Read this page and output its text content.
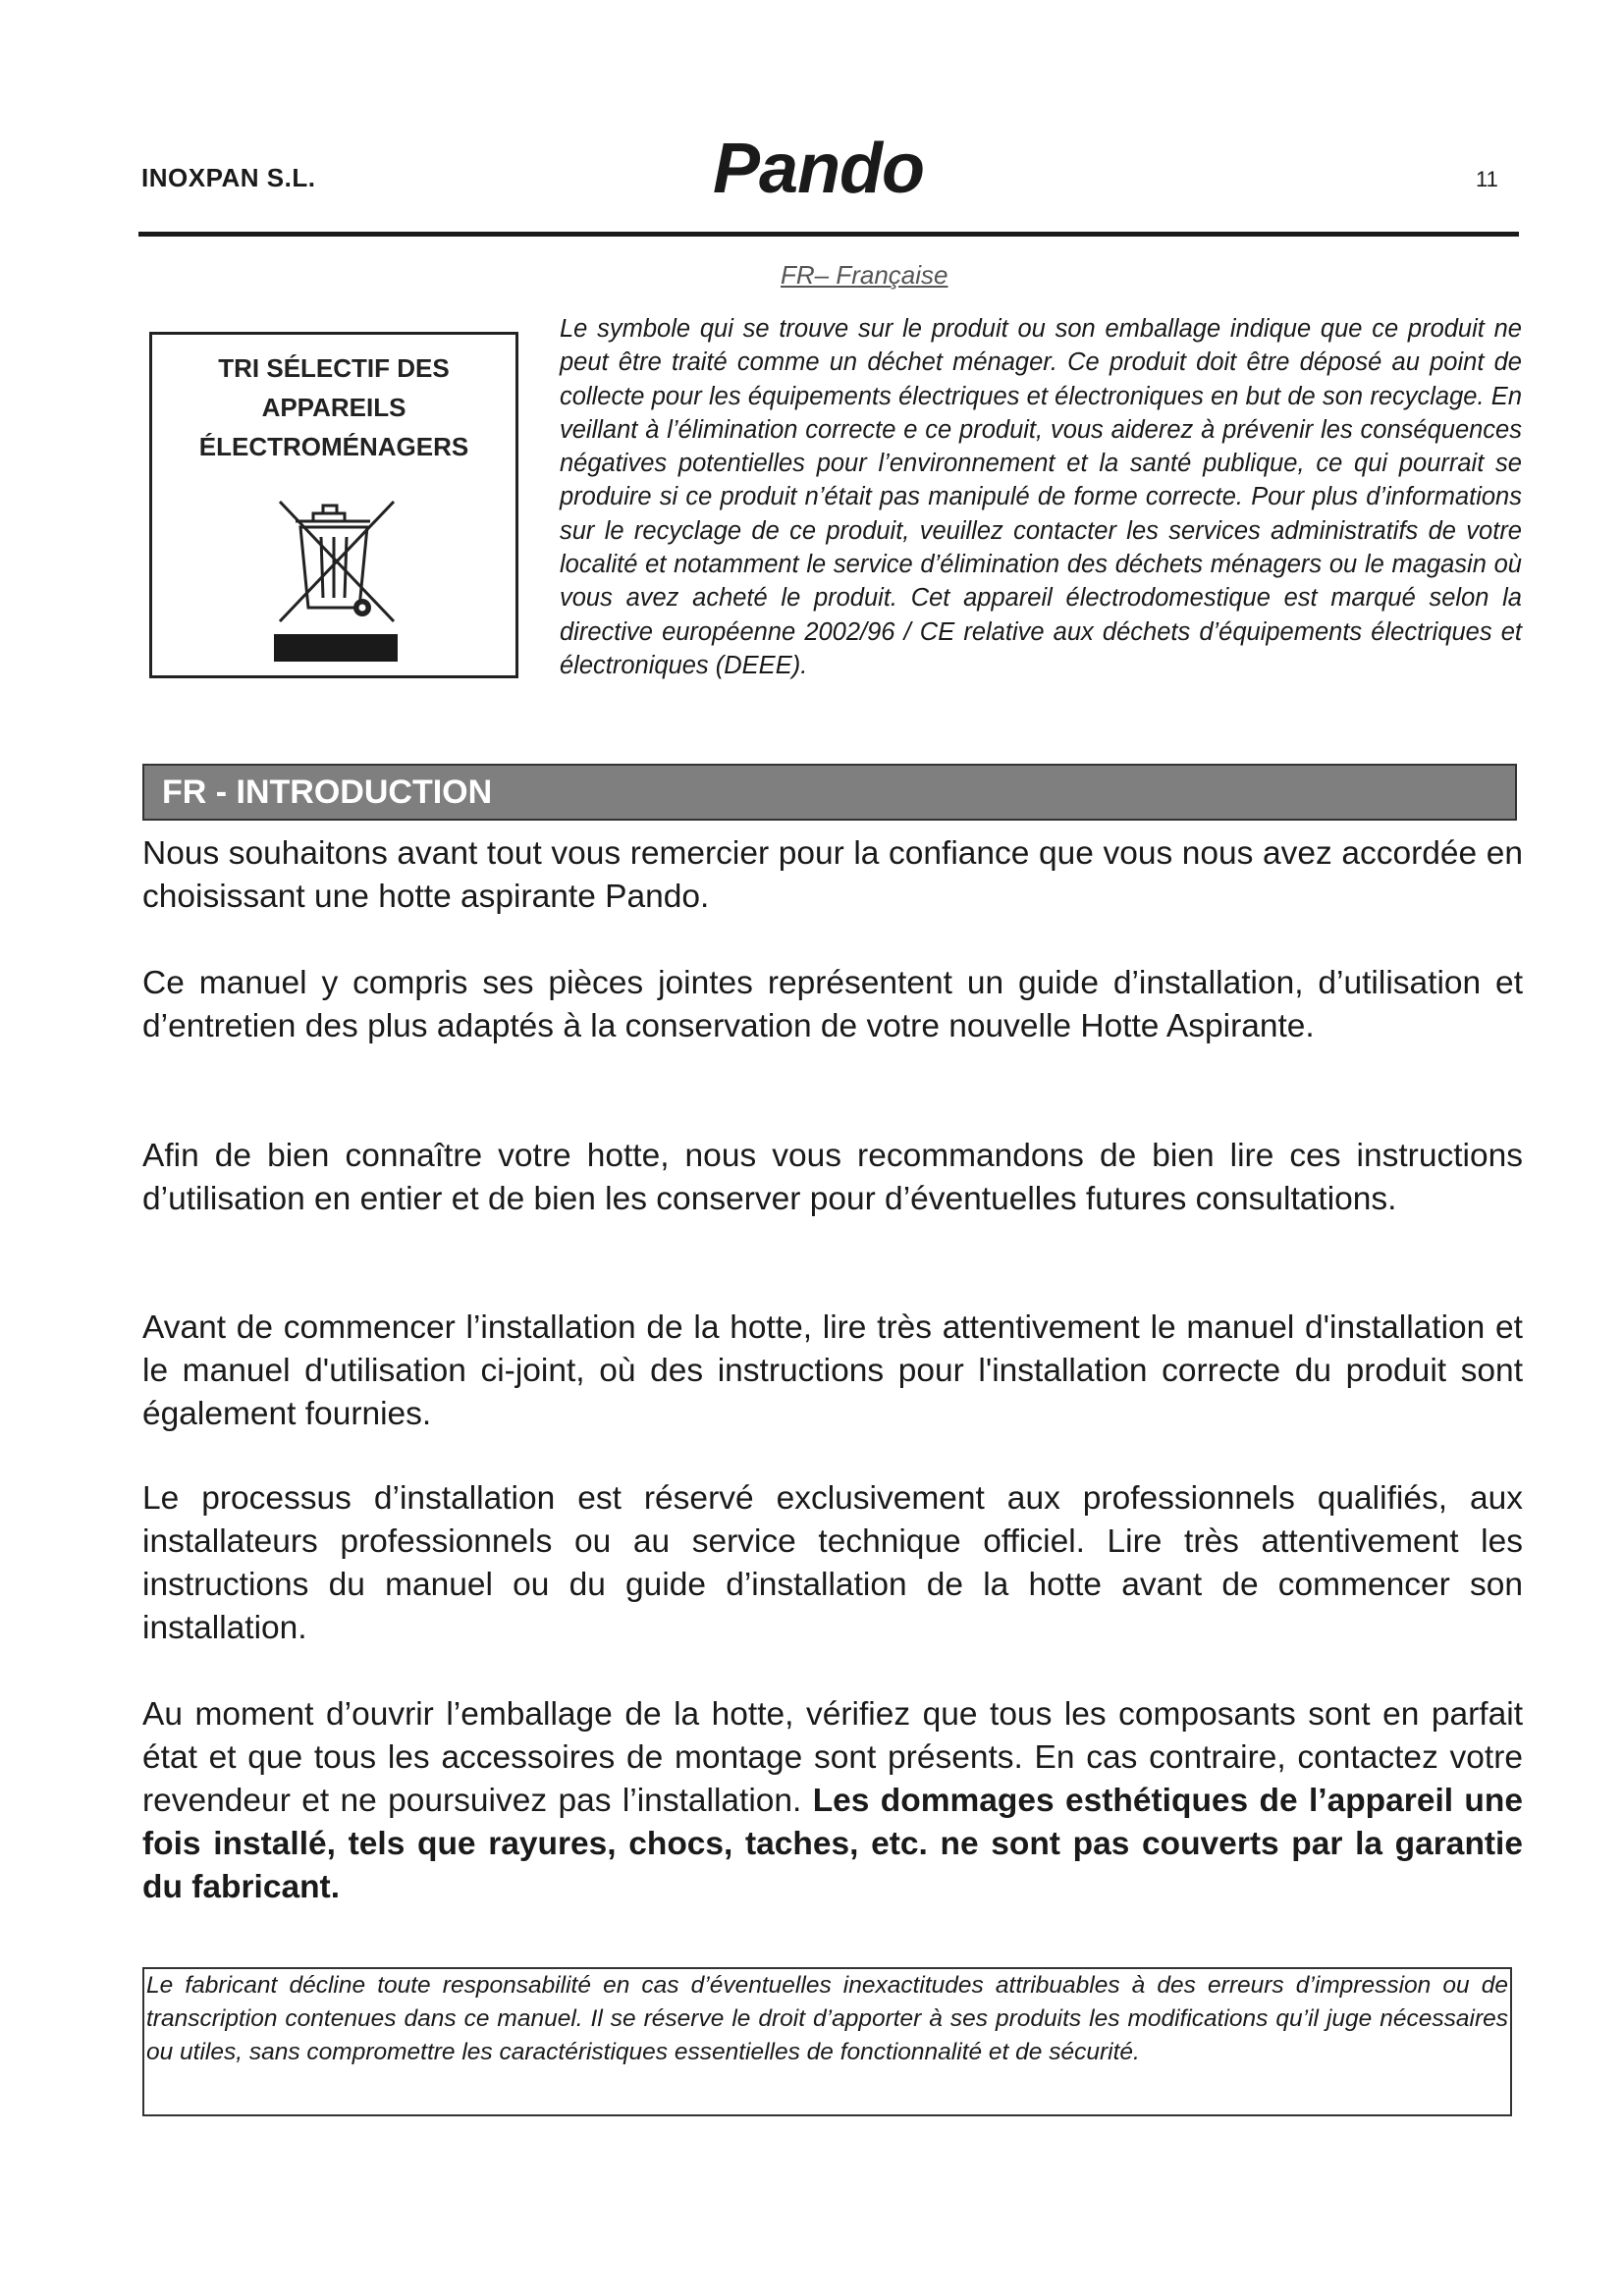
INOXPAN S.L.	Pando	11
FR– Française
TRI SÉLECTIF DES
APPAREILS
ÉLECTROMÉNAGERS
Le symbole qui se trouve sur le produit ou son emballage indique que ce produit ne peut être traité comme un déchet ménager. Ce produit doit être déposé au point de collecte pour les équipements électriques et électroniques en but de son recyclage. En veillant à l’élimination correcte e ce produit, vous aiderez à prévenir les conséquences négatives potentielles pour l’environnement et la santé publique, ce qui pourrait se produire si ce produit n’était pas manipulé de forme correcte. Pour plus d’informations sur le recyclage de ce produit, veuillez contacter les services administratifs de votre localité et notamment le service d’élimination des déchets ménagers ou le magasin où vous avez acheté le produit. Cet appareil électrodomestique est marqué selon la directive européenne 2002/96 / CE relative aux déchets d’équipements électriques et électroniques (DEEE).
FR - INTRODUCTION
Nous souhaitons avant tout vous remercier pour la confiance que vous nous avez accordée en choisissant une hotte aspirante Pando.
Ce manuel y compris ses pièces jointes représentent un guide d’installation, d’utilisation et d’entretien des plus adaptés à la conservation de votre nouvelle Hotte Aspirante.
Afin de bien connaître votre hotte, nous vous recommandons de bien lire ces instructions d’utilisation en entier et de bien les conserver pour d’éventuelles futures consultations.
Avant de commencer l’installation de la hotte, lire très attentivement le manuel d'installation et le manuel d'utilisation ci-joint, où des instructions pour l'installation correcte du produit sont également fournies.
Le processus d’installation est réservé exclusivement aux professionnels qualifiés, aux installateurs professionnels ou au service technique officiel. Lire très attentivement les instructions du manuel ou du guide d’installation de la hotte avant de commencer son installation.
Au moment d’ouvrir l’emballage de la hotte, vérifiez que tous les composants sont en parfait état et que tous les accessoires de montage sont présents. En cas contraire, contactez votre revendeur et ne poursuivez pas l’installation. Les dommages esthétiques de l’appareil une fois installé, tels que rayures, chocs, taches, etc. ne sont pas couverts par la garantie du fabricant.
Le fabricant décline toute responsabilité en cas d’éventuelles inexactitudes attribuables à des erreurs d’impression ou de transcription contenues dans ce manuel. Il se réserve le droit d’apporter à ses produits les modifications qu’il juge nécessaires ou utiles, sans compromettre les caractéristiques essentielles de fonctionnalité et de sécurité.
